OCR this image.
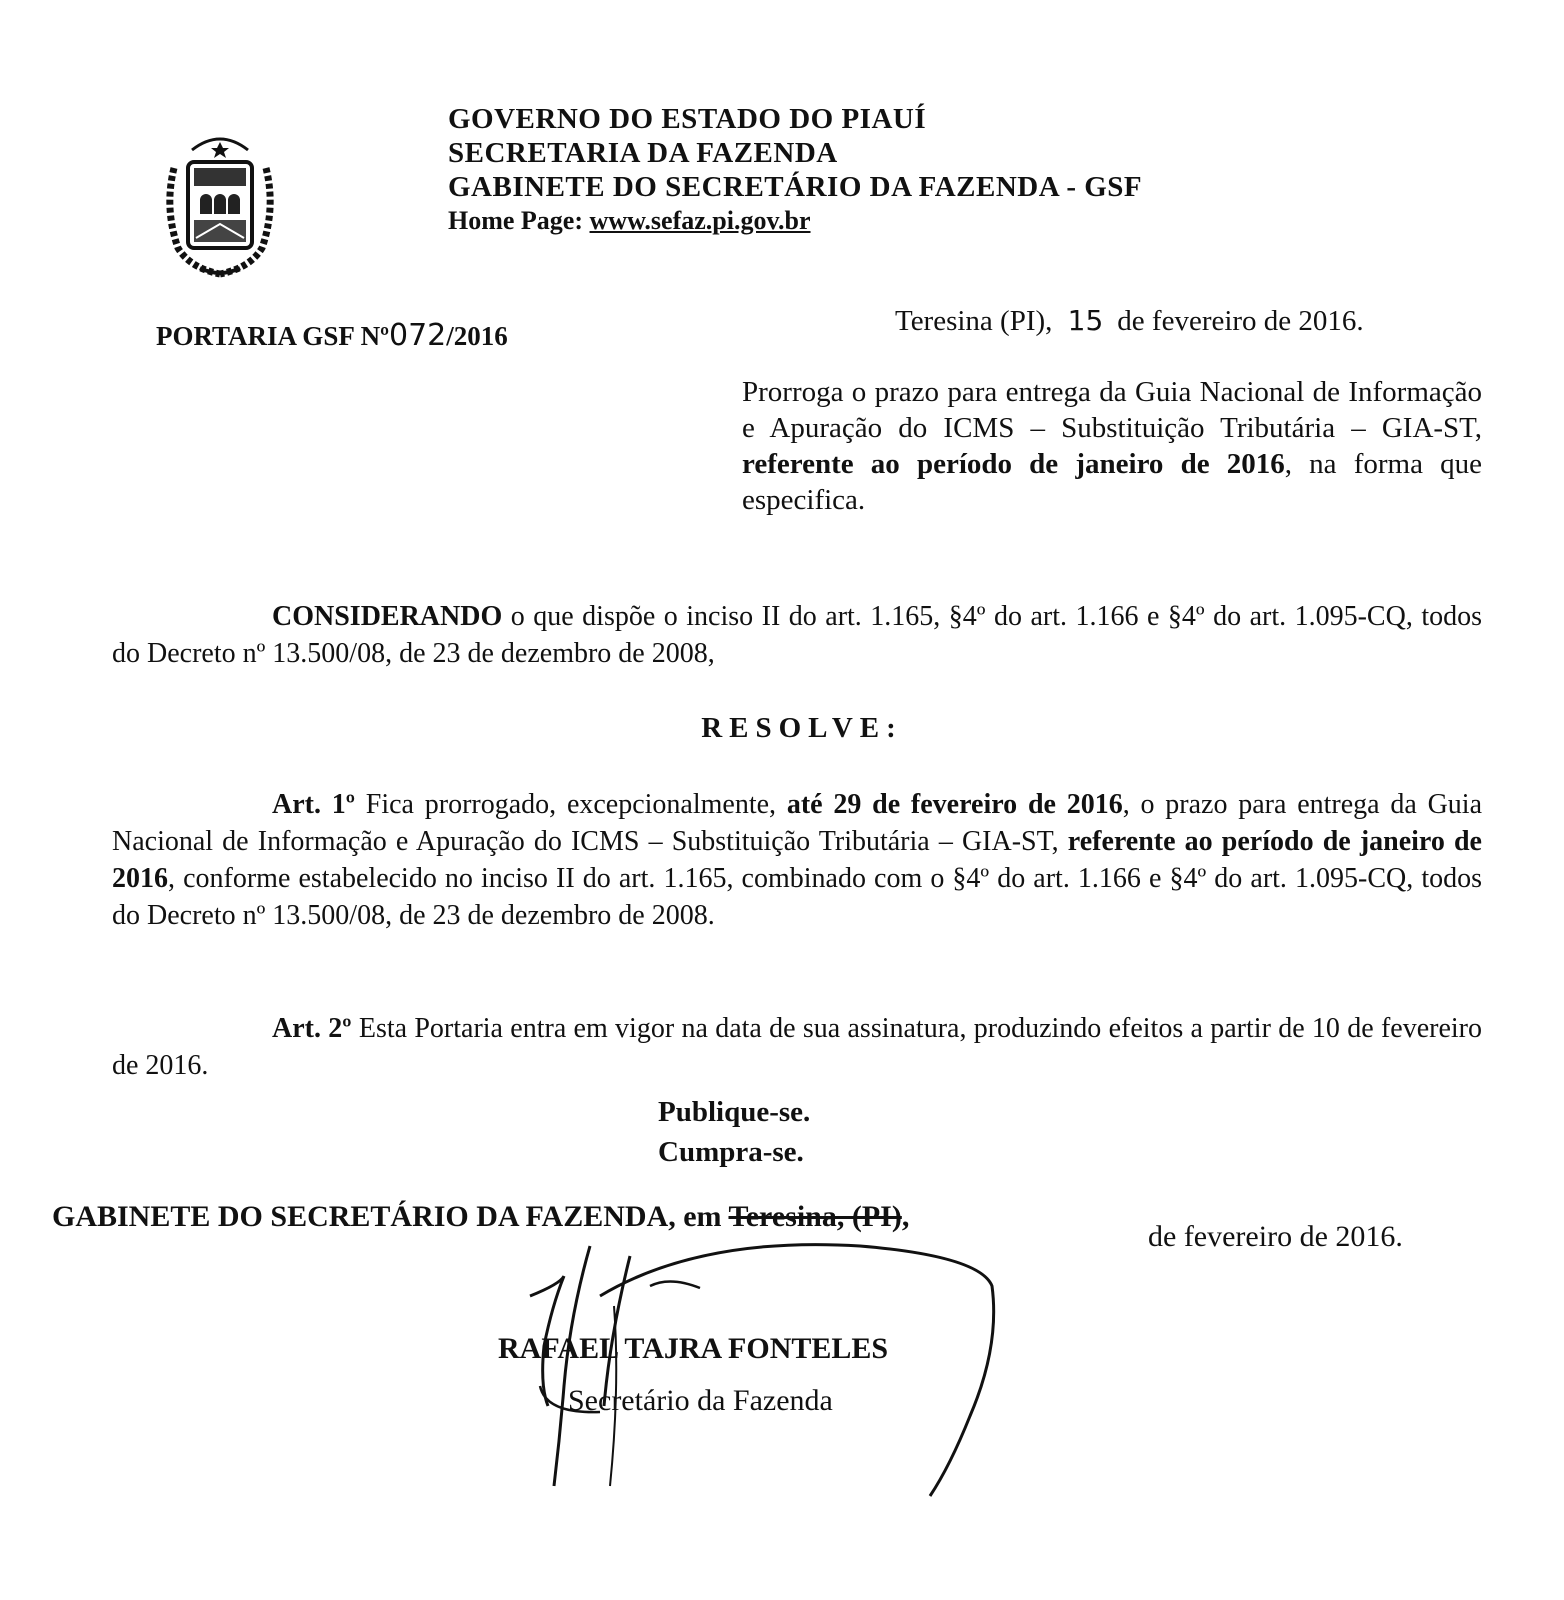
GOVERNO DO ESTADO DO PIAUÍ
SECRETARIA DA FAZENDA
GABINETE DO SECRETÁRIO DA FAZENDA - GSF
Home Page: www.sefaz.pi.gov.br
PORTARIA GSF Nº072/2016	Teresina (PI), 15 de fevereiro de 2016.
Prorroga o prazo para entrega da Guia Nacional de Informação e Apuração do ICMS – Substituição Tributária – GIA-ST, referente ao período de janeiro de 2016, na forma que especifica.
CONSIDERANDO o que dispõe o inciso II do art. 1.165, §4º do art. 1.166 e §4º do art. 1.095-CQ, todos do Decreto nº 13.500/08, de 23 de dezembro de 2008,
RESOLVE:
Art. 1º Fica prorrogado, excepcionalmente, até 29 de fevereiro de 2016, o prazo para entrega da Guia Nacional de Informação e Apuração do ICMS – Substituição Tributária – GIA-ST, referente ao período de janeiro de 2016, conforme estabelecido no inciso II do art. 1.165, combinado com o §4º do art. 1.166 e §4º do art. 1.095-CQ, todos do Decreto nº 13.500/08, de 23 de dezembro de 2008.
Art. 2º Esta Portaria entra em vigor na data de sua assinatura, produzindo efeitos a partir de 10 de fevereiro de 2016.
Publique-se.
Cumpra-se.
GABINETE DO SECRETÁRIO DA FAZENDA, em Teresina, (PI),
de fevereiro de 2016.
RAFAEL TAJRA FONTELES
Secretário da Fazenda
